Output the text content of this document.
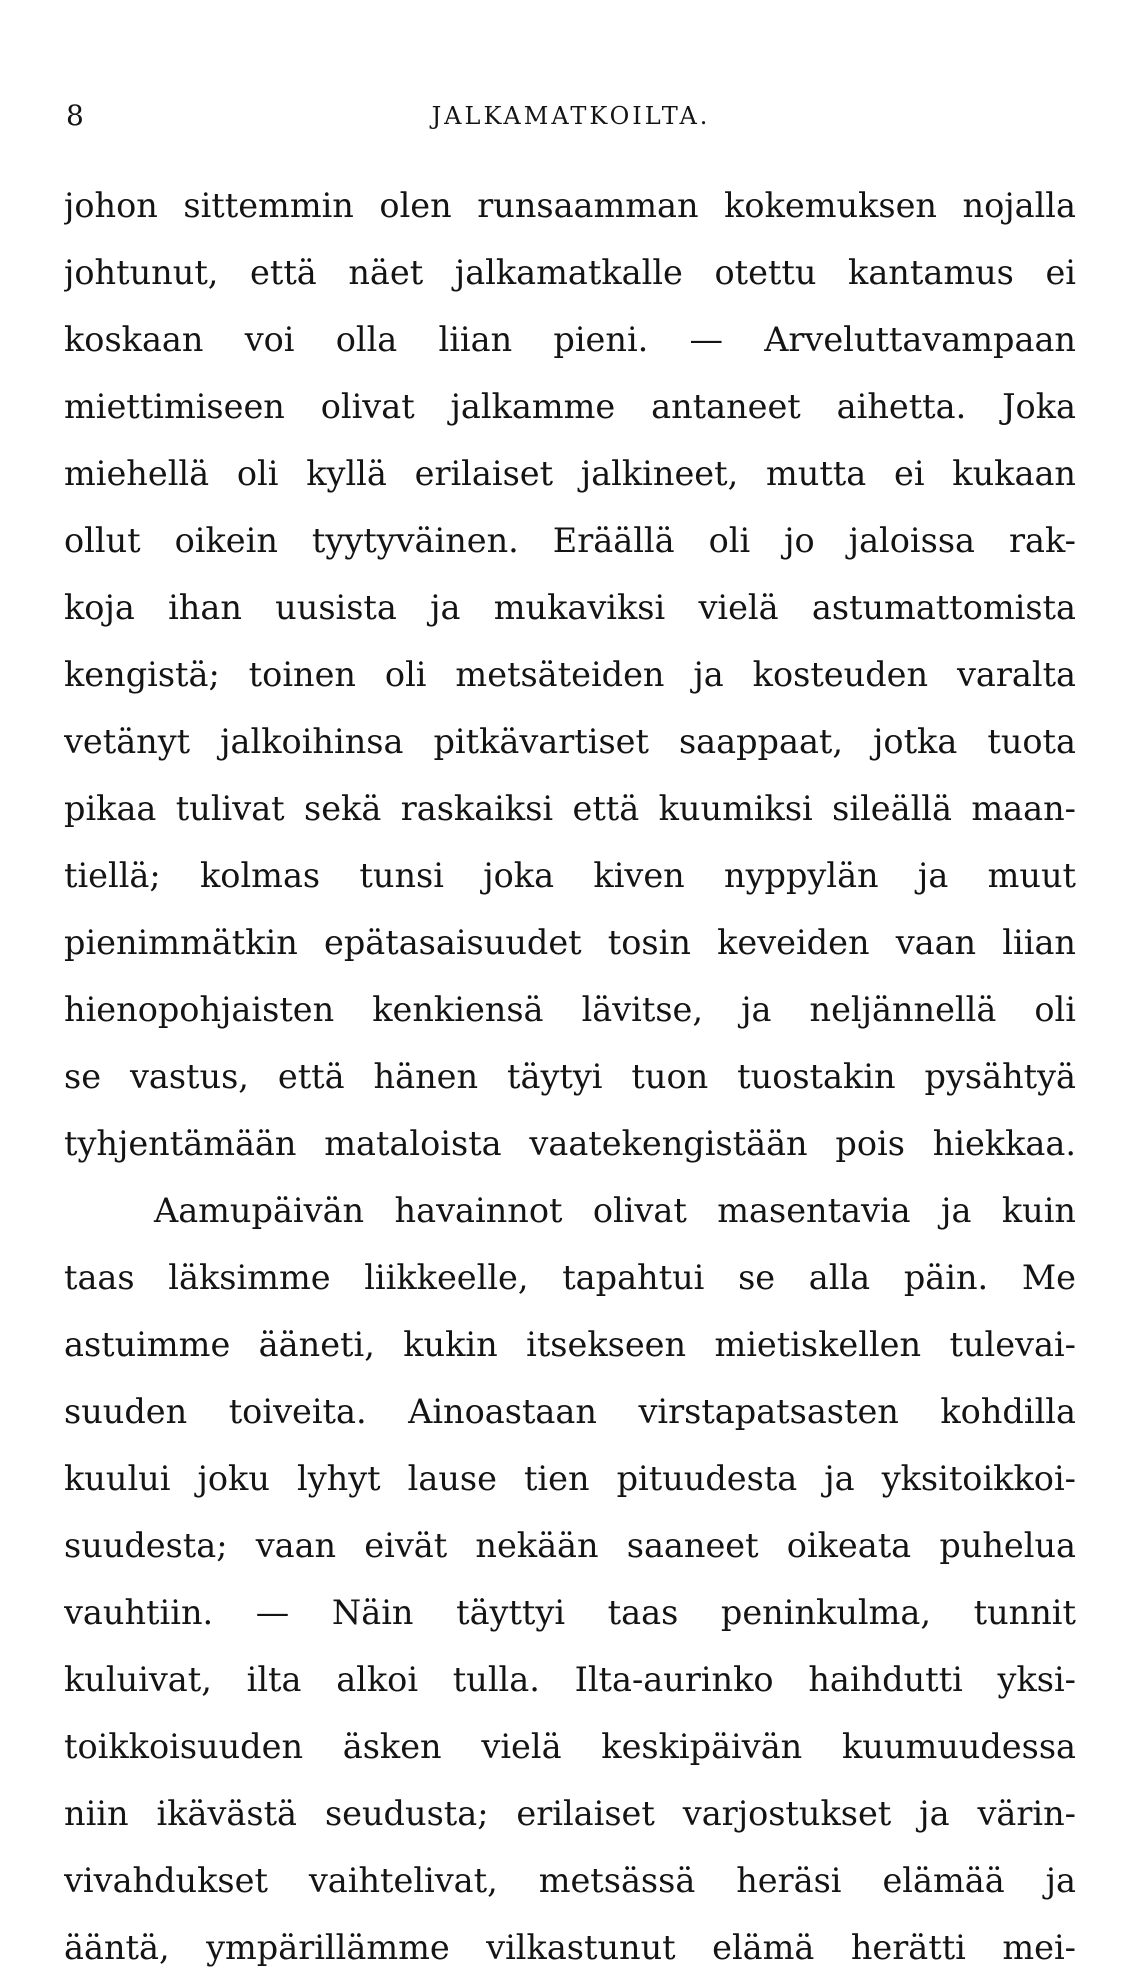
8	JALKAMATKOILTA.
johon sittemmin olen runsaamman kokemuksen nojalla
johtunut, että näet jalkamatkalle otettu kantamus ei
koskaan voi olla liian pieni. — Arveluttavampaan
miettimiseen olivat jalkamme antaneet aihetta. Joka
miehellä oli kyllä erilaiset jalkineet, mutta ei kukaan
ollut oikein tyytyväinen. Eräällä oli jo jaloissa rak-
koja ihan uusista ja mukaviksi vielä astumattomista
kengistä; toinen oli metsäteiden ja kosteuden varalta
vetänyt jalkoihinsa pitkävartiset saappaat, jotka tuota
pikaa tulivat sekä raskaiksi että kuumiksi sileällä maan-
tiellä; kolmas tunsi joka kiven nyppylän ja muut
pienimmätkin epätasaisuudet tosin keveiden vaan liian
hienopohjaisten kenkiensä lävitse, ja neljännellä oli
se vastus, että hänen täytyi tuon tuostakin pysähtyä
tyhjentämään mataloista vaatekengistään pois hiekkaa.
Aamupäivän havainnot olivat masentavia ja kuin
taas läksimme liikkeelle, tapahtui se alla päin. Me
astuimme ääneti, kukin itsekseen mietiskellen tulevai-
suuden toiveita. Ainoastaan virstapatsasten kohdilla
kuului joku lyhyt lause tien pituudesta ja yksitoikkoi-
suudesta; vaan eivät nekään saaneet oikeata puhelua
vauhtiin. — Näin täyttyi taas peninkulma, tunnit
kuluivat, ilta alkoi tulla. Ilta-aurinko haihdutti yksi-
toikkoisuuden äsken vielä keskipäivän kuumuudessa
niin ikävästä seudusta; erilaiset varjostukset ja värin-
vivahdukset vaihtelivat, metsässä heräsi elämää ja
ääntä, ympärillämme vilkastunut elämä herätti mei-
